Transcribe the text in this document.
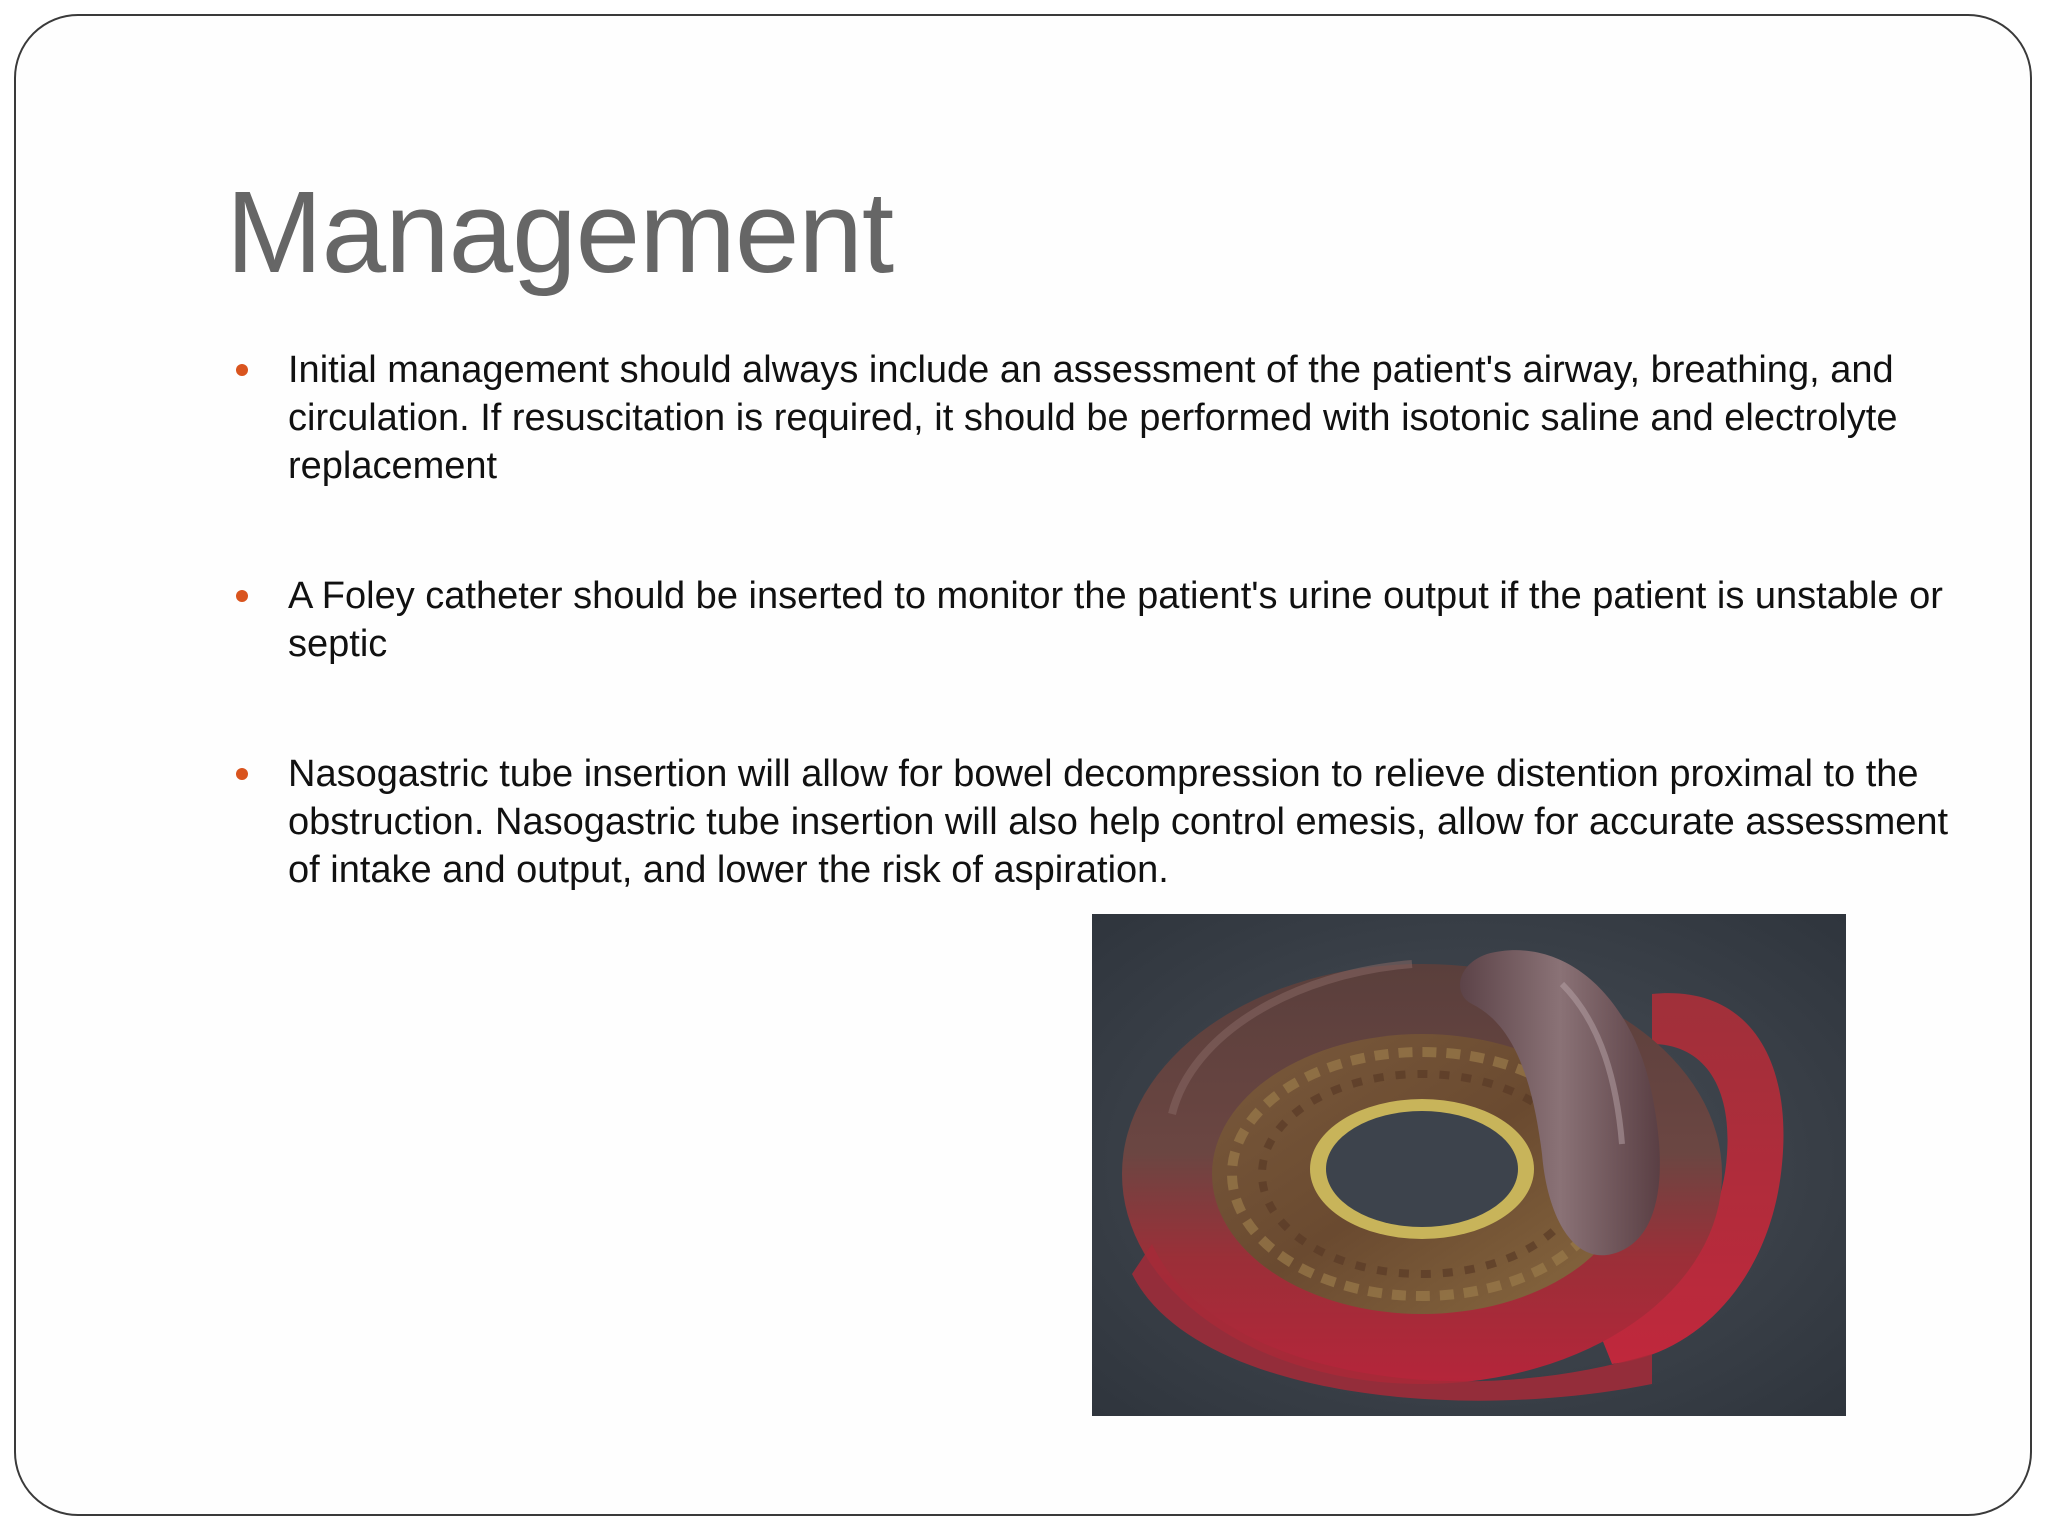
Management
Initial management should always include an assessment of the patient's airway, breathing, and circulation. If resuscitation is required, it should be performed with isotonic saline and electrolyte replacement
A Foley catheter should be inserted to monitor the patient's urine output if the patient is unstable or septic
Nasogastric tube insertion will allow for bowel decompression to relieve distention proximal to the obstruction. Nasogastric tube insertion will also help control emesis, allow for accurate assessment of intake and output, and lower the risk of aspiration.
